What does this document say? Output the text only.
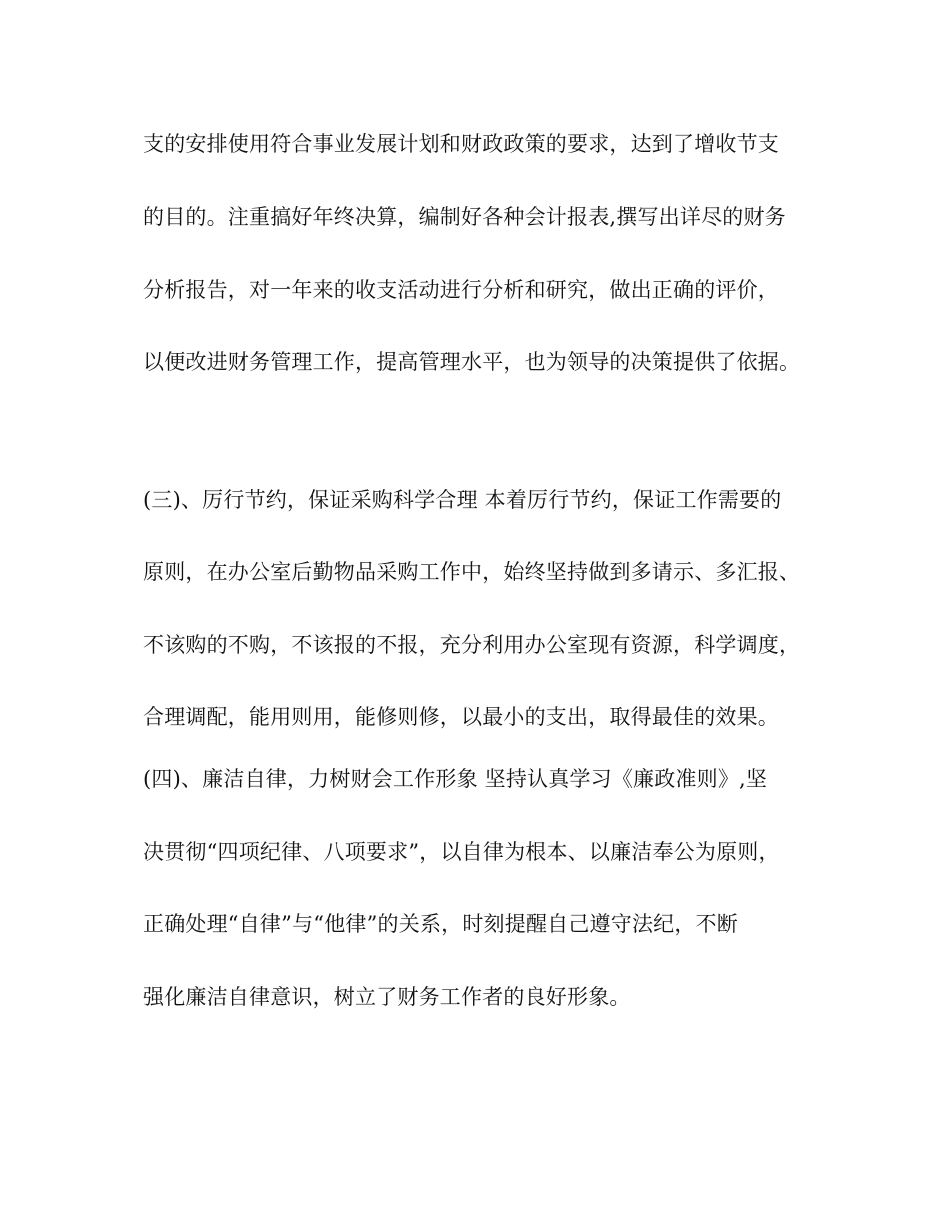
支的安排使用符合事业发展计划和财政政策的要求，达到了增收节支
的目的。注重搞好年终决算，编制好各种会计报表,撰写出详尽的财务
分析报告，对一年来的收支活动进行分析和研究，做出正确的评价，
以便改进财务管理工作，提高管理水平，也为领导的决策提供了依据。
(三)、厉行节约，保证采购科学合理 本着厉行节约，保证工作需要的
原则，在办公室后勤物品采购工作中，始终坚持做到多请示、多汇报、
不该购的不购，不该报的不报，充分利用办公室现有资源，科学调度，
合理调配，能用则用，能修则修，以最小的支出，取得最佳的效果。
(四)、廉洁自律，力树财会工作形象 坚持认真学习《廉政准则》,坚
决贯彻“四项纪律、八项要求”，以自律为根本、以廉洁奉公为原则，
正确处理“自律”与“他律”的关系，时刻提醒自己遵守法纪，不断
强化廉洁自律意识，树立了财务工作者的良好形象。
